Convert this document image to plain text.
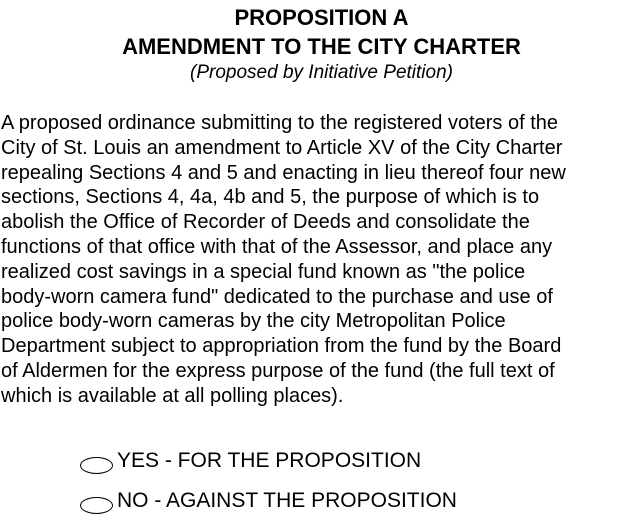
PROPOSITION A
AMENDMENT TO THE CITY CHARTER
(Proposed by Initiative Petition)
A proposed ordinance submitting to the registered voters of the
City of St. Louis an amendment to Article XV of the City Charter
repealing Sections 4 and 5 and enacting in lieu thereof four new
sections, Sections 4, 4a, 4b and 5, the purpose of which is to
abolish the Office of Recorder of Deeds and consolidate the
functions of that office with that of the Assessor, and place any
realized cost savings in a special fund known as "the police
body-worn camera fund" dedicated to the purchase and use of
police body-worn cameras by the city Metropolitan Police
Department subject to appropriation from the fund by the Board
of Aldermen for the express purpose of the fund (the full text of
which is available at all polling places).
YES - FOR THE PROPOSITION
NO - AGAINST THE PROPOSITION
